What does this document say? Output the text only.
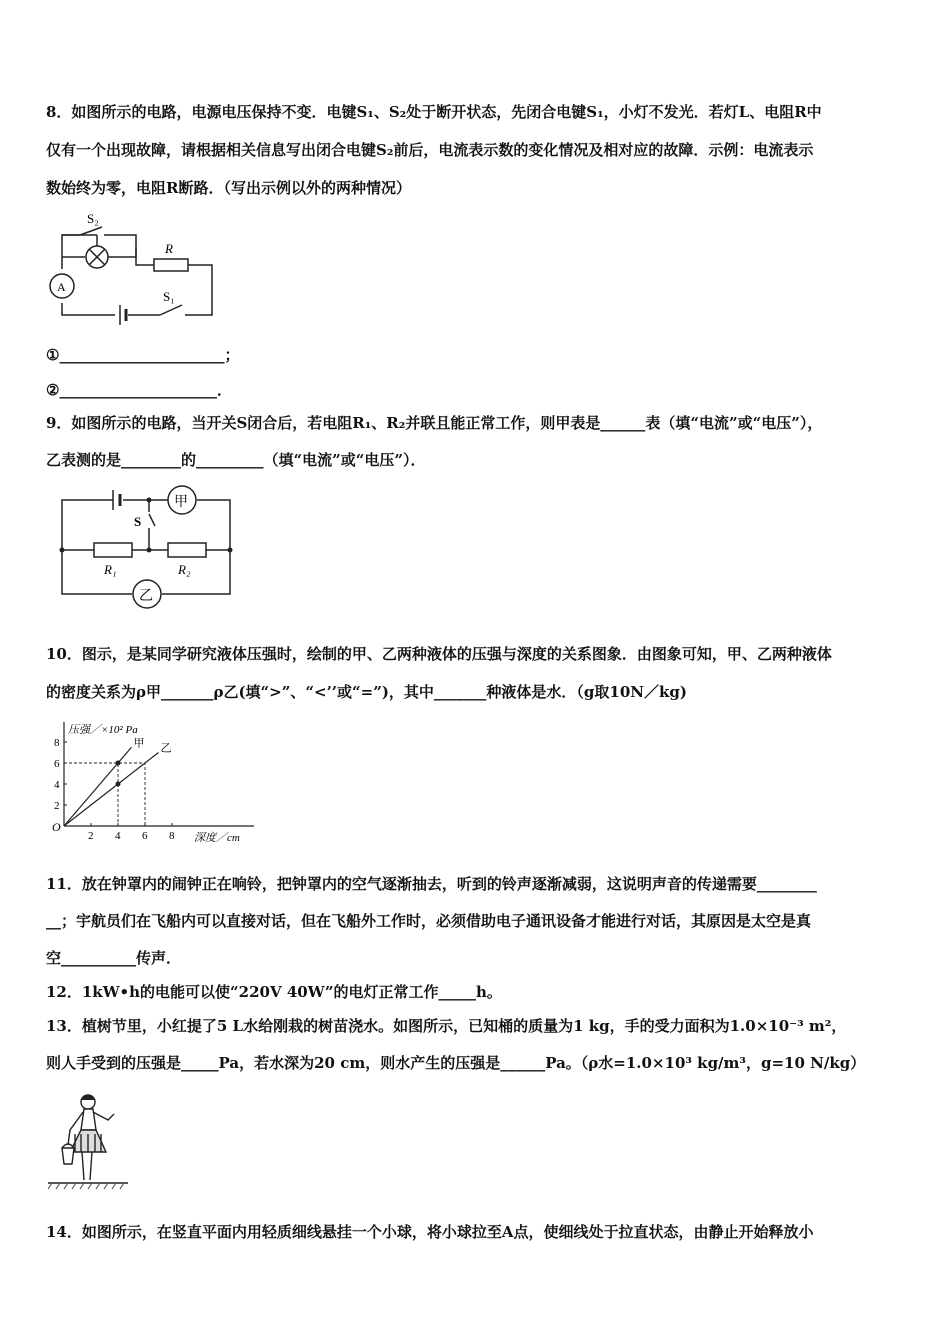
8．如图所示的电路，电源电压保持不变．电键S₁、S₂处于断开状态，先闭合电键S₁，小灯不发光．若灯L、电阻R中
仅有一个出现故障，请根据相关信息写出闭合电键S₂前后，电流表示数的变化情况及相对应的故障．示例：电流表示
数始终为零，电阻R断路．（写出示例以外的两种情况）
S₂
R
S₁
A
①______________________；
②_____________________．
9．如图所示的电路，当开关S闭合后，若电阻R₁、R₂并联且能正常工作，则甲表是______表（填“电流”或“电压”），
乙表测的是________的_________（填“电流”或“电压”）．
甲
乙
S
R₁	R₂
10．图示，是某同学研究液体压强时，绘制的甲、乙两种液体的压强与深度的关系图象．由图象可知，甲、乙两种液体
的密度关系为ρ甲_______ρ乙(填“>”、“<’’或“=”)，其中_______种液体是水．（g取10N／kg)
压强／×10² Pa
深度／cm
O
2 4 6 8
2
4
6
8	甲 乙
11．放在钟罩内的闹钟正在响铃，把钟罩内的空气逐渐抽去，听到的铃声逐渐减弱，这说明声音的传递需要________
__；宇航员们在飞船内可以直接对话，但在飞船外工作时，必须借助电子通讯设备才能进行对话，其原因是太空是真
空__________传声．
12．1kW•h的电能可以使“220V 40W”的电灯正常工作_____h。
13．植树节里，小红提了5 L水给刚栽的树苗浇水。如图所示，已知桶的质量为1 kg，手的受力面积为1.0×10⁻³ m²，
则人手受到的压强是_____Pa，若水深为20 cm，则水产生的压强是______Pa。（ρ水=1.0×10³ kg/m³，g=10 N/kg）
14．如图所示，在竖直平面内用轻质细线悬挂一个小球，将小球拉至A点，使细线处于拉直状态，由静止开始释放小
